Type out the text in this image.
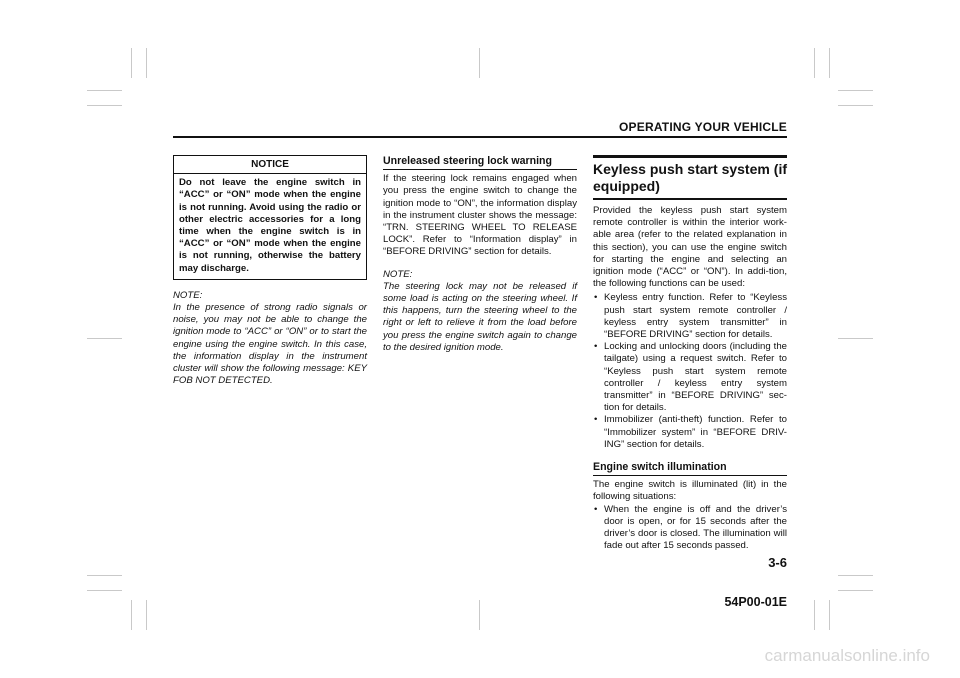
OPERATING YOUR VEHICLE
NOTICE
Do not leave the engine switch in “ACC” or “ON” mode when the engine is not running. Avoid using the radio or other electric accessories for a long time when the engine switch is in “ACC” or “ON” mode when the engine is not running, otherwise the battery may discharge.
NOTE:
In the presence of strong radio signals or noise, you may not be able to change the ignition mode to “ACC” or “ON” or to start the engine using the engine switch. In this case, the information display in the instrument cluster will show the following message: KEY FOB NOT DETECTED.
Unreleased steering lock warning

If the steering lock remains engaged when you press the engine switch to change the ignition mode to “ON”, the information display in the instrument cluster shows the message: “TRN. STEERING WHEEL TO RELEASE LOCK”. Refer to “Information display” in “BEFORE DRIVING” section for details.

NOTE:
The steering lock may not be released if some load is acting on the steering wheel. If this happens, turn the steering wheel to the right or left to relieve it from the load before you press the engine switch again to change to the desired ignition mode.
Keyless push start system (if equipped)

Provided the keyless push start system remote controller is within the interior work-able area (refer to the related explanation in this section), you can use the engine switch for starting the engine and selecting an ignition mode (“ACC” or “ON”). In addi-tion, the following functions can be used:

• Keyless entry function. Refer to “Keyless push start system remote controller / keyless entry system transmitter” in “BEFORE DRIVING” section for details.
• Locking and unlocking doors (including the tailgate) using a request switch. Refer to “Keyless push start system remote controller / keyless entry system transmitter” in “BEFORE DRIVING” sec-tion for details.
• Immobilizer (anti-theft) function. Refer to “Immobilizer system” in “BEFORE DRIV-ING” section for details.
Engine switch illumination

The engine switch is illuminated (lit) in the following situations:

• When the engine is off and the driver’s door is open, or for 15 seconds after the driver’s door is closed. The illumination will fade out after 15 seconds passed.
3-6
54P00-01E
carmanualsonline.info
